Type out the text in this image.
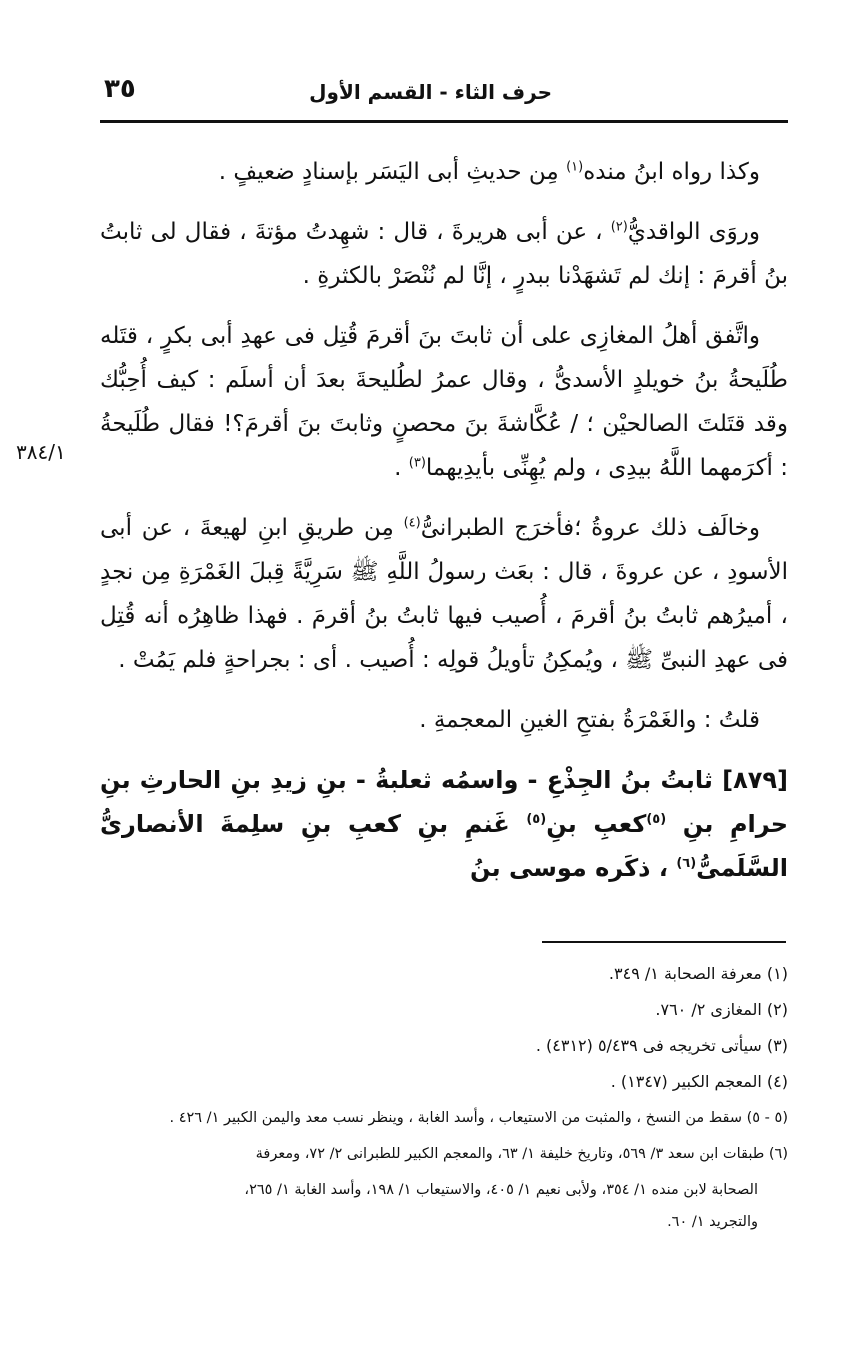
٣٥	حرف الثاء - القسم الأول
٣٨٤/١

وكذا رواه ابنُ منده$^{(١)}$ مِن حديثِ أبى اليَسَر بإسنادٍ ضعيفٍ .

وروَى الواقديُّ$^{(٢)}$ ، عن أبى هريرةَ ، قال : شهِدتُ مؤتةَ ، فقال لى ثابتُ بنُ أقرمَ : إنك لم تَشهَدْنا ببدرٍ ، إنَّا لم نُنْصَرْ بالكثرةِ .

واتَّفق أهلُ المغازِى على أن ثابتَ بنَ أقرمَ قُتِل فى عهدِ أبى بكرٍ ، قتَله طُلَيحةُ بنُ خويلدٍ الأسدىُّ ، وقال عمرُ لطُليحةَ بعدَ أن أسلَم : كيف أُحِبُّك وقد قتَلتَ الصالحيْن ؛ / عُكَّاشةَ بنَ محصنٍ وثابتَ بنَ أقرمَ؟! فقال طُلَيحةُ : أكرَمهما اللَّهُ بيدِى ، ولم يُهِنِّى بأيدِيهما$^{(٣)}$ .

وخالَف ذلك عروةُ ؛فأخرَج الطبرانىُّ$^{(٤)}$ مِن طريقِ ابنِ لهيعةَ ، عن أبى الأسودِ ، عن عروةَ ، قال : بعَث رسولُ اللَّهِ ﷺ سَرِيَّةً قِبلَ الغَمْرَةِ مِن نجدٍ ، أميرُهم ثابتُ بنُ أقرمَ ، أُصيب فيها ثابتُ بنُ أقرمَ . فهذا ظاهِرُه أنه قُتِل فى عهدِ النبىِّ ﷺ ، ويُمكِنُ تأويلُ قولِه : أُصيب . أى : بجراحةٍ فلم يَمُتْ .

قلتُ : والغَمْرَةُ بفتحِ الغينِ المعجمةِ .

[٨٧٩] ثابتُ بنُ الجِذْعِ - واسمُه ثعلبةُ - بنِ زيدِ بنِ الحارثِ بنِ حرامِ بنِ $^{(٥)}$كعبِ بنِ$^{(٥)}$ غَنمِ بنِ كعبِ بنِ سلِمةَ الأنصارىُّ السَّلَمىُّ$^{(٦)}$ ، ذكَره موسى بنُ

(١) معرفة الصحابة ١/ ٣٤٩.
(٢) المغازى ٢/ ٧٦٠.
(٣) سيأتى تخريجه فى ٥/٤٣٩ (٤٣١٢) .
(٤) المعجم الكبير (١٣٤٧) .
(٥ - ٥) سقط من النسخ ، والمثبت من الاستيعاب ، وأسد الغابة ، وينظر نسب معد واليمن الكبير ١/ ٤٢٦ .
(٦) طبقات ابن سعد ٣/ ٥٦٩، وتاريخ خليفة ١/ ٦٣، والمعجم الكبير للطبرانى ٢/ ٧٢، ومعرفة
الصحابة لابن منده ١/ ٣٥٤، ولأبى نعيم ١/ ٤٠٥، والاستيعاب ١/ ١٩٨، وأسد الغابة ١/ ٢٦٥،
والتجريد ١/ ٦٠.
